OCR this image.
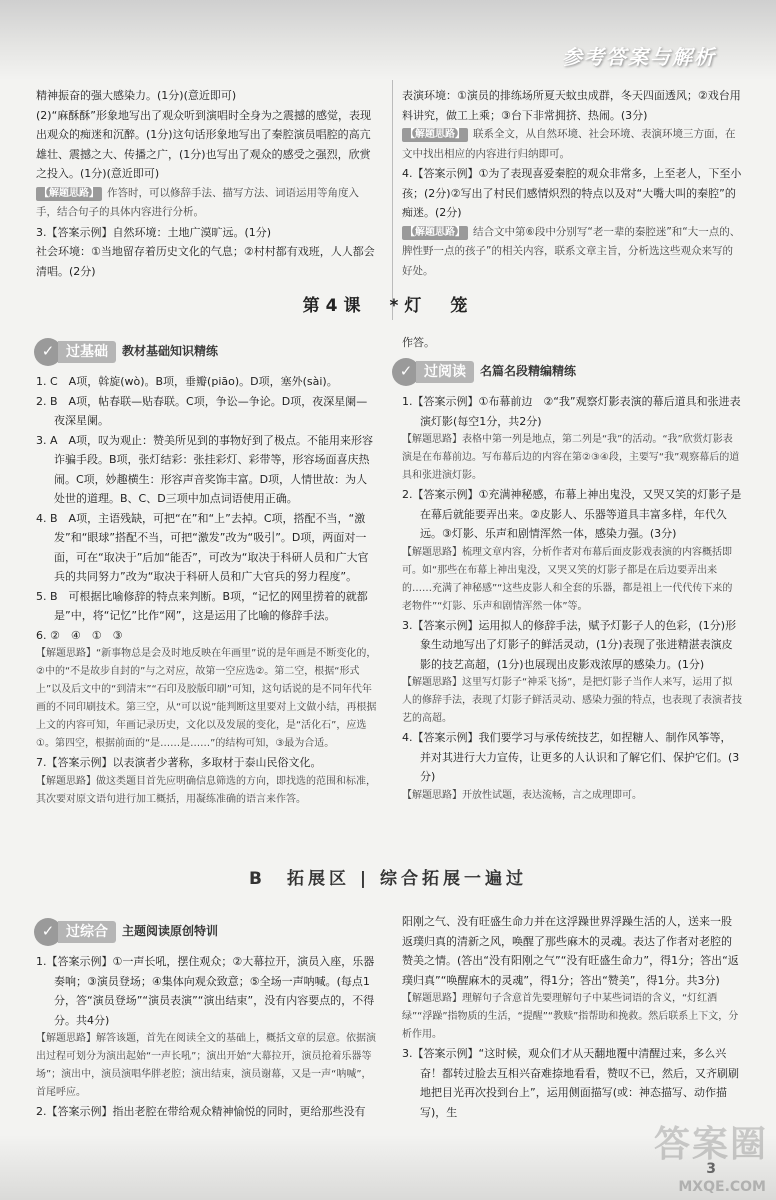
参考答案与解析

精神振奋的强大感染力。(1分)(意近即可)

(2)“麻酥酥”形象地写出了观众听到演唱时全身为之震撼的感觉，表现出观众的痴迷和沉醉。(1分)这句话形象地写出了秦腔演员唱腔的高亢雄壮、震撼之大、传播之广，(1分)也写出了观众的感受之强烈，欣赏之投入。(1分)(意近即可)

【解题思路】 作答时，可以修辞手法、描写方法、词语运用等角度入手，结合句子的具体内容进行分析。

3.【答案示例】自然环境：土地广漠旷远。(1分)

社会环境：①当地留存着历史文化的气息；②村村都有戏班，人人都会清唱。(2分)

表演环境：①演员的排练场所夏天蚊虫成群，冬天四面透风；②戏台用料讲究，做工上乘；③台下非常拥挤、热闹。(3分)

【解题思路】 联系全文，从自然环境、社会环境、表演环境三方面，在文中找出相应的内容进行归纳即可。

4.【答案示例】①为了表现喜爱秦腔的观众非常多，上至老人，下至小孩；(2分)②写出了村民们感情炽烈的特点以及对“大嘴大叫的秦腔”的痴迷。(2分)

【解题思路】 结合文中第⑥段中分别写“老一辈的秦腔迷”和“大一点的、脾性野一点的孩子”的相关内容，联系文章主旨，分析选这些观众来写的好处。

第4课　*灯　笼
✓ 过基础	教材基础知识精练

1. C　A项，斡旋(wò)。B项，垂瓣(piāo)。D项，塞外(sài)。

2. B　A项，帖春联—贴春联。C项，争讼—争论。D项，夜深星阑—夜深星阑。

3. A　A项，叹为观止：赞美所见到的事物好到了极点。不能用来形容诈骗手段。B项，张灯结彩：张挂彩灯、彩带等，形容场面喜庆热闹。C项，妙趣横生：形容声音奖饰丰富。D项，人情世故：为人处世的道理。B、C、D三项中加点词语使用正确。

4. B　A项，主语残缺，可把“在”和“上”去掉。C项，搭配不当，“激发”和“眼球”搭配不当，可把“激发”改为“吸引”。D项，两面对一面，可在“取决于”后加“能否”，可改为“取决于科研人员和广大官兵的共同努力”改为“取决于科研人员和广大官兵的努力程度”。

5. B　可根据比喻修辞的特点来判断。B项，“记忆的网里捞着的就都是”中，将“记忆”比作“网”，这是运用了比喻的修辞手法。

6. ②　④　①　③

【解题思路】“新事物总是会及时地反映在年画里”说的是年画是不断变化的，②中的“不是故步自封的”与之对应，故第一空应选②。第二空，根据“形式上”以及后文中的“到清末”“石印及胶版印刷”可知，这句话说的是不同年代年画的不同印刷技术。第三空，从“可以说”能判断这里要对上文做小结，再根据上文的内容可知，年画记录历史，文化以及发展的变化，是“活化石”，应选①。第四空，根据前面的“是……是……”的结构可知，③最为合适。

7.【答案示例】以表演者少著称，多取材于泰山民俗文化。

【解题思路】做这类题目首先应明确信息筛选的方向，即找选的范围和标准，其次要对原文语句进行加工概括，用凝练准确的语言来作答。

作答。

✓ 过阅读	名篇名段精编精练

1.【答案示例】①布幕前边　②“我”观察灯影表演的幕后道具和张进表演灯影(每空1分，共2分)

【解题思路】表格中第一列是地点，第二列是“我”的活动。“我”欣赏灯影表演是在布幕前边。写布幕后边的内容在第②③④段，主要写“我”观察幕后的道具和张进演灯影。

2.【答案示例】①充满神秘感，布幕上神出鬼没，又哭又笑的灯影子是在幕后就能要弄出来。②皮影人、乐器等道具丰富多样，年代久远。③灯影、乐声和剧情浑然一体，感染力强。(3分)

【解题思路】梳理文章内容，分析作者对布幕后面皮影戏表演的内容概括即可。如“那些在布幕上神出鬼没，又哭又笑的灯影子都是在后边要弄出来的……充满了神秘感”“这些皮影人和全套的乐器，都是祖上一代代传下来的老物件”“灯影、乐声和剧情浑然一体”等。

3.【答案示例】运用拟人的修辞手法，赋予灯影子人的色彩，(1分)形象生动地写出了灯影子的鲜活灵动，(1分)表现了张进精湛表演皮影的技艺高超，(1分)也展现出皮影戏浓厚的感染力。(1分)

【解题思路】这里写灯影子“神采飞扬”，是把灯影子当作人来写，运用了拟人的修辞手法，表现了灯影子鲜活灵动、感染力强的特点，也表现了表演者技艺的高超。

4.【答案示例】我们要学习与承传统技艺，如捏糖人、制作风筝等，并对其进行大力宣传，让更多的人认识和了解它们、保护它们。(3分)

【解题思路】开放性试题，表达流畅，言之成理即可。

B　拓展区 | 综合拓展一遍过
✓ 过综合	主题阅读原创特训

1.【答案示例】①一声长吼，摆住观众；②大幕拉开，演员入座，乐器奏响；③演员登场；④集体向观众致意；⑤全场一声呐喊。(每点1分，答“演员登场”“演员表演”“演出结束”，没有内容要点的，不得分。共4分)

【解题思路】解答该题，首先在阅读全文的基础上，概括文章的层意。依据演出过程可划分为演出起始“一声长吼”；演出开始“大幕拉开，演员抢着乐器等场”；演出中，演员演唱华胖老腔；演出结束，演员谢幕，又是一声“呐喊”，首尾呼应。

2.【答案示例】指出老腔在带给观众精神愉悦的同时，更给那些没有

阳刚之气、没有旺盛生命力并在这浮躁世界浮躁生活的人，送来一股返璞归真的清新之风，唤醒了那些麻木的灵魂。表达了作者对老腔的赞美之情。(答出“没有阳刚之气”“没有旺盛生命力”，得1分；答出“返璞归真”“唤醒麻木的灵魂”，得1分；答出“赞美”，得1分。共3分)

【解题思路】理解句子含意首先要理解句子中某些词语的含义，“灯红酒绿”“浮躁”指物质的生活，“提醒”“教赎”指帮助和挽救。然后联系上下文，分析作用。

3.【答案示例】“这时候，观众们才从天翻地覆中清醒过来，多么兴奋！都转过脸去互相兴奋难捺地看看，赞叹不已，然后，又齐刷刷地把目光再次投到台上”，运用侧面描写(或：神态描写、动作描写)，生

3
答案圈
MXQE.COM
